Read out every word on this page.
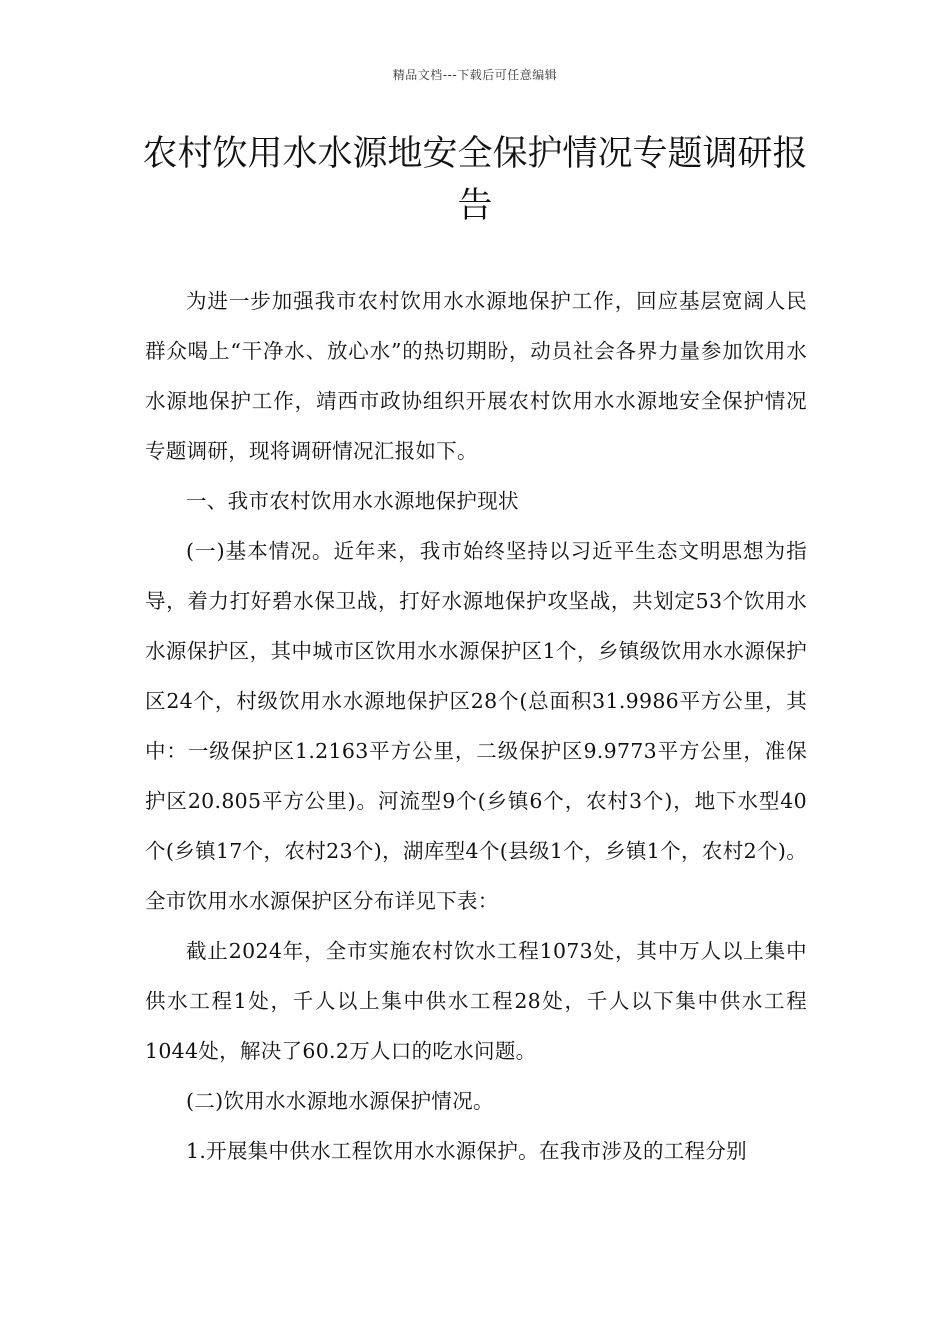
精品文档---下载后可任意编辑
农村饮用水水源地安全保护情况专题调研报告

为进一步加强我市农村饮用水水源地保护工作，回应基层宽阔人民群众喝上“干净水、放心水”的热切期盼，动员社会各界力量参加饮用水水源地保护工作，靖西市政协组织开展农村饮用水水源地安全保护情况专题调研，现将调研情况汇报如下。

一、我市农村饮用水水源地保护现状

(一)基本情况。近年来，我市始终坚持以习近平生态文明思想为指导，着力打好碧水保卫战，打好水源地保护攻坚战，共划定53个饮用水水源保护区，其中城市区饮用水水源保护区1个，乡镇级饮用水水源保护区24个，村级饮用水水源地保护区28个(总面积31.9986平方公里，其中：一级保护区1.2163平方公里，二级保护区9.9773平方公里，准保护区20.805平方公里)。河流型9个(乡镇6个，农村3个)，地下水型40个(乡镇17个，农村23个)，湖库型4个(县级1个，乡镇1个，农村2个)。全市饮用水水源保护区分布详见下表：

截止2024年，全市实施农村饮水工程1073处，其中万人以上集中供水工程1处，千人以上集中供水工程28处，千人以下集中供水工程1044处，解决了60.2万人口的吃水问题。

(二)饮用水水源地水源保护情况。

1.开展集中供水工程饮用水水源保护。在我市涉及的工程分别
